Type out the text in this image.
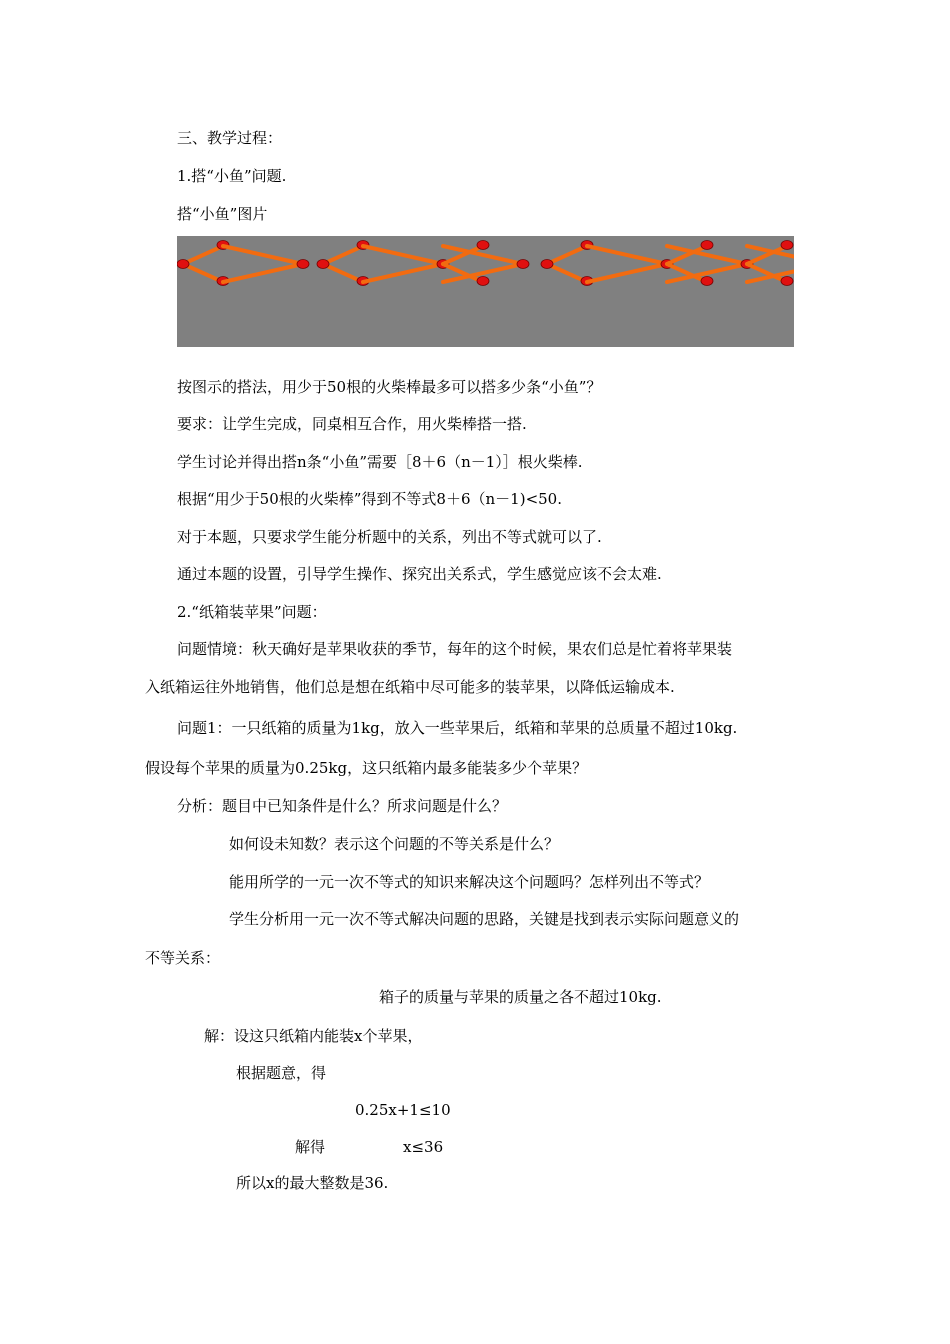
三、教学过程：
1.搭“小鱼”问题.
搭“小鱼”图片
按图示的搭法，用少于50根的火柴棒最多可以搭多少条“小鱼”？
要求：让学生完成，同桌相互合作，用火柴棒搭一搭.
学生讨论并得出搭n条“小鱼”需要［8＋6（n－1）］根火柴棒.
根据“用少于50根的火柴棒”得到不等式8＋6（n－1)<50.
对于本题，只要求学生能分析题中的关系，列出不等式就可以了.
通过本题的设置，引导学生操作、探究出关系式，学生感觉应该不会太难.
2.“纸箱装苹果”问题：
问题情境：秋天确好是苹果收获的季节，每年的这个时候，果农们总是忙着将苹果装
入纸箱运往外地销售，他们总是想在纸箱中尽可能多的装苹果，以降低运输成本.
问题1：一只纸箱的质量为1kg，放入一些苹果后，纸箱和苹果的总质量不超过10kg.
假设每个苹果的质量为0.25kg，这只纸箱内最多能装多少个苹果？
分析：题目中已知条件是什么？所求问题是什么？
如何设未知数？表示这个问题的不等关系是什么？
能用所学的一元一次不等式的知识来解决这个问题吗？怎样列出不等式？
学生分析用一元一次不等式解决问题的思路，关键是找到表示实际问题意义的
不等关系：
箱子的质量与苹果的质量之各不超过10kg.
解：设这只纸箱内能装x个苹果，
根据题意，得
0.25x+1≤10
解得	x≤36
所以x的最大整数是36.
